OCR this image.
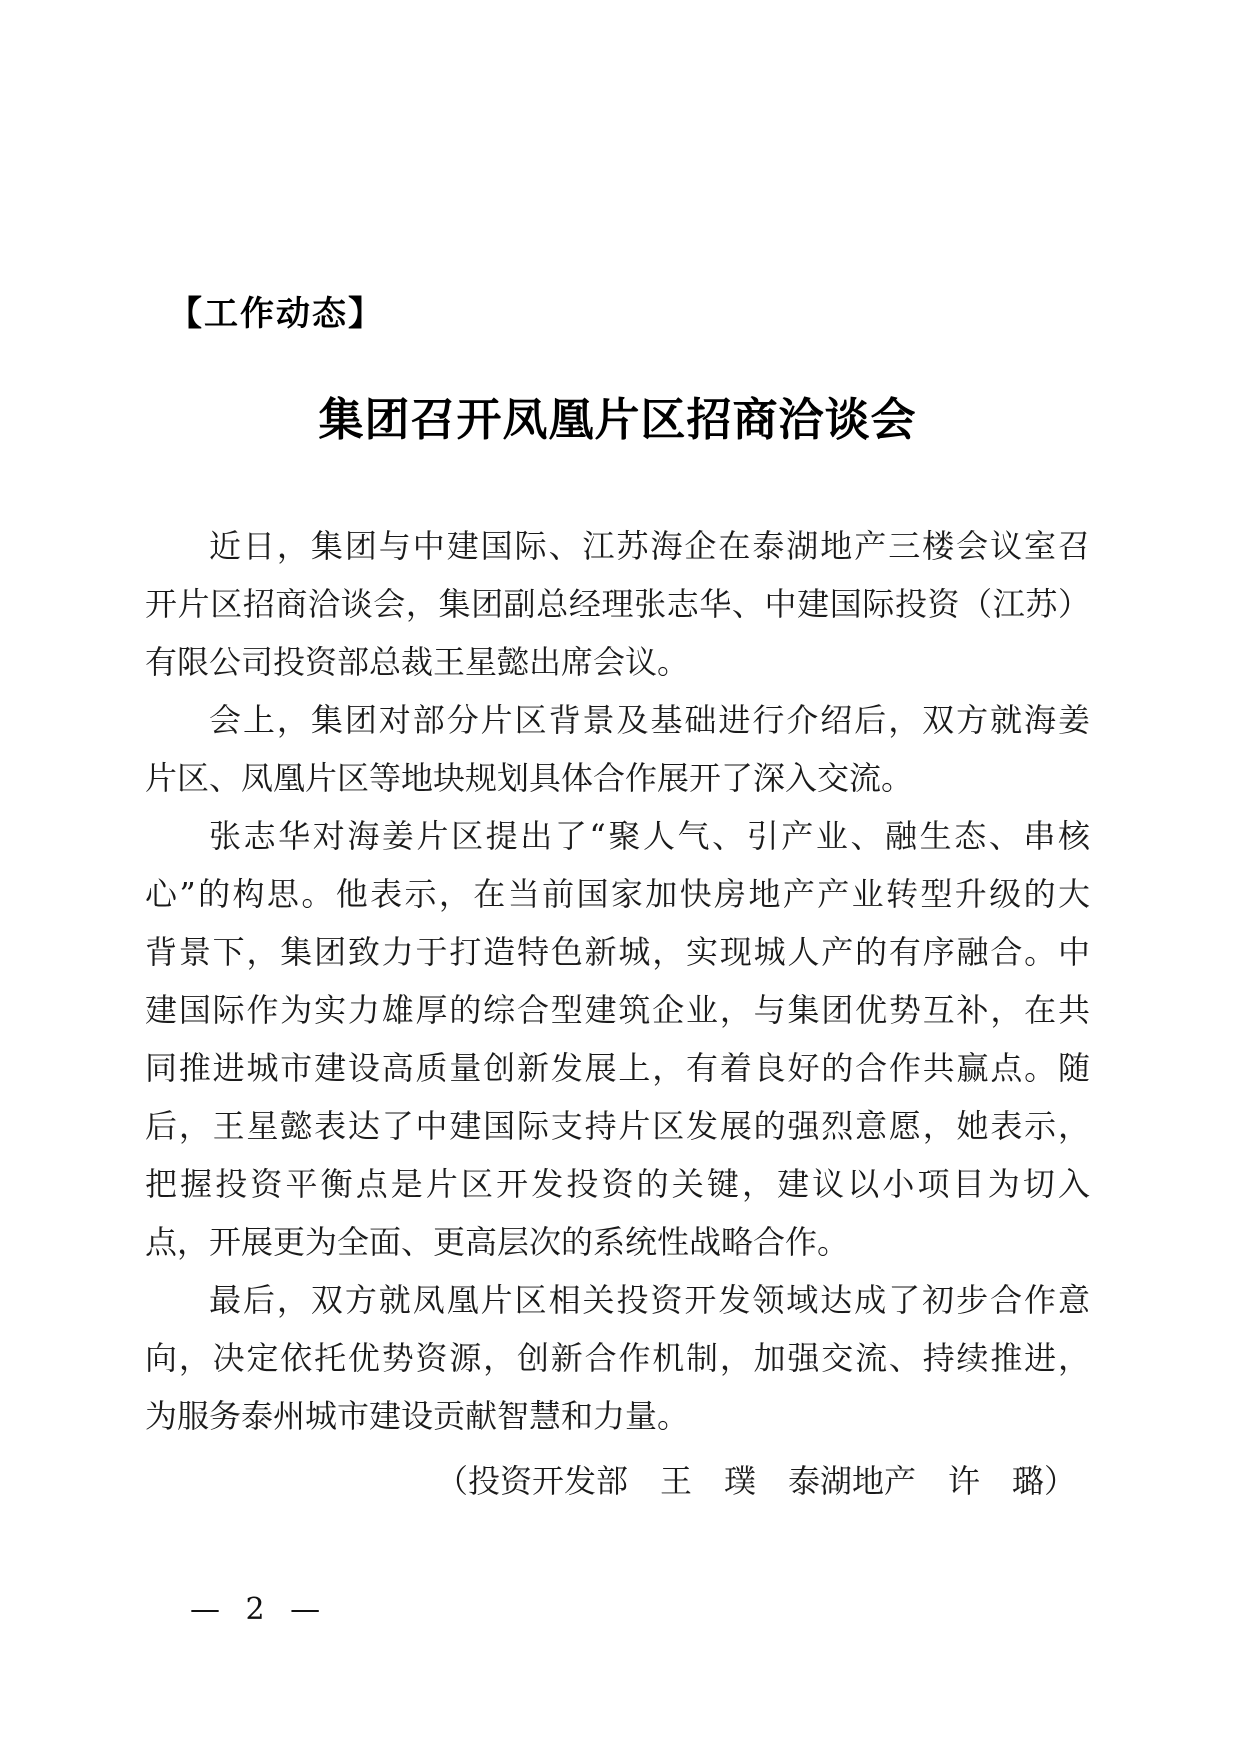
【工作动态】
集团召开凤凰片区招商洽谈会
近日，集团与中建国际、江苏海企在泰湖地产三楼会议室召
开片区招商洽谈会，集团副总经理张志华、中建国际投资（江苏）
有限公司投资部总裁王星懿出席会议。
会上，集团对部分片区背景及基础进行介绍后，双方就海姜
片区、凤凰片区等地块规划具体合作展开了深入交流。
张志华对海姜片区提出了“聚人气、引产业、融生态、串核
心”的构思。他表示，在当前国家加快房地产产业转型升级的大
背景下，集团致力于打造特色新城，实现城人产的有序融合。中
建国际作为实力雄厚的综合型建筑企业，与集团优势互补，在共
同推进城市建设高质量创新发展上，有着良好的合作共赢点。随
后，王星懿表达了中建国际支持片区发展的强烈意愿，她表示，
把握投资平衡点是片区开发投资的关键，建议以小项目为切入
点，开展更为全面、更高层次的系统性战略合作。
最后，双方就凤凰片区相关投资开发领域达成了初步合作意
向，决定依托优势资源，创新合作机制，加强交流、持续推进，
为服务泰州城市建设贡献智慧和力量。
（投资开发部　王　璞　泰湖地产　许　璐）
— 2 —
